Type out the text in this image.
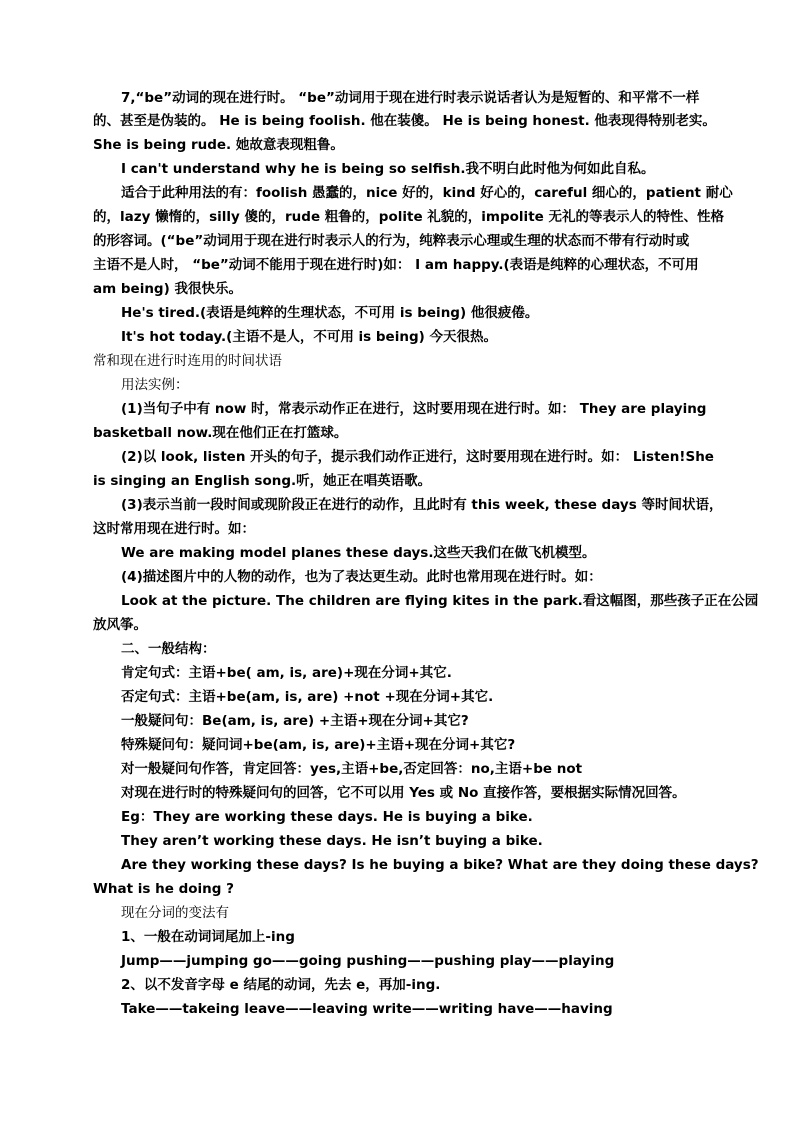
7,“be”动词的现在进行时。 “be”动词用于现在进行时表示说话者认为是短暂的、和平常不一样
的、甚至是伪装的。 He is being foolish. 他在装傻。 He is being honest. 他表现得特别老实。
She is being rude. 她故意表现粗鲁。
I can't understand why he is being so selfish.我不明白此时他为何如此自私。
适合于此种用法的有：foolish 愚蠢的，nice 好的，kind 好心的，careful 细心的，patient 耐心
的，lazy 懒惰的，silly 傻的，rude 粗鲁的，polite 礼貌的，impolite 无礼的等表示人的特性、性格
的形容词。(“be”动词用于现在进行时表示人的行为，纯粹表示心理或生理的状态而不带有行动时或
主语不是人时， “be”动词不能用于现在进行时)如： I am happy.(表语是纯粹的心理状态，不可用
am being) 我很快乐。
He's tired.(表语是纯粹的生理状态，不可用 is being) 他很疲倦。
It's hot today.(主语不是人，不可用 is being) 今天很热。
常和现在进行时连用的时间状语
用法实例：
(1)当句子中有 now 时，常表示动作正在进行，这时要用现在进行时。如： They are playing
basketball now.现在他们正在打篮球。
(2)以 look, listen 开头的句子，提示我们动作正进行，这时要用现在进行时。如： Listen!She
is singing an English song.听，她正在唱英语歌。
(3)表示当前一段时间或现阶段正在进行的动作，且此时有 this week, these days 等时间状语，
这时常用现在进行时。如：
We are making model planes these days.这些天我们在做飞机模型。
(4)描述图片中的人物的动作，也为了表达更生动。此时也常用现在进行时。如：
Look at the picture. The children are flying kites in the park.看这幅图，那些孩子正在公园
放风筝。
二、一般结构：
肯定句式：主语+be( am, is, are)+现在分词+其它.
否定句式：主语+be(am, is, are) +not +现在分词+其它.
一般疑问句：Be(am, is, are) +主语+现在分词+其它?
特殊疑问句：疑问词+be(am, is, are)+主语+现在分词+其它?
对一般疑问句作答，肯定回答：yes,主语+be,否定回答：no,主语+be not
对现在进行时的特殊疑问句的回答，它不可以用 Yes 或 No 直接作答，要根据实际情况回答。
Eg：They are working these days. He is buying a bike.
They aren’t working these days. He isn’t buying a bike.
Are they working these days? Is he buying a bike? What are they doing these days?
What is he doing ?
现在分词的变法有
1、一般在动词词尾加上-ing
Jump——jumping go——going pushing——pushing play——playing
2、以不发音字母 e 结尾的动词，先去 e，再加-ing.
Take——takeing leave——leaving write——writing have——having
